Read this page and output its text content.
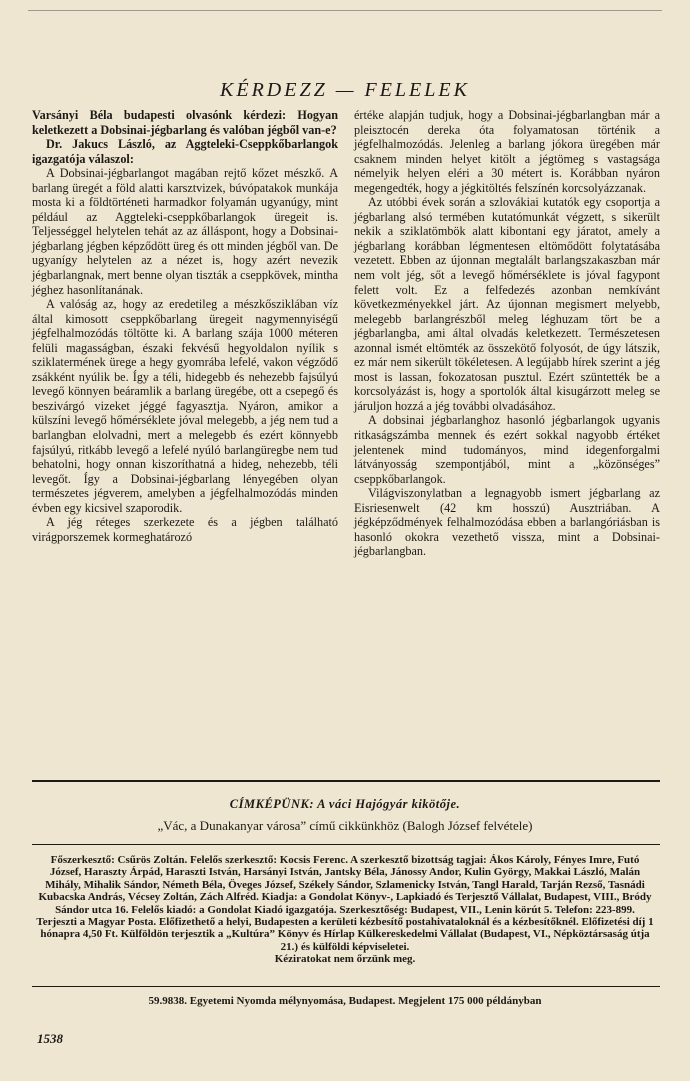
KÉRDEZZ — FELELEK

Varsányi Béla budapesti olvasónk kérdezi: Hogyan keletkezett a Dobsinai-jégbarlang és valóban jégből van-e?

Dr. Jakucs László, az Aggteleki-Cseppkőbarlangok igazgatója válaszol:

A Dobsinai-jégbarlangot magában rejtő kőzet mészkő. A barlang üregét a föld alatti karsztvizek, búvópatakok munkája mosta ki a földtörténeti harmadkor folyamán ugyanúgy, mint például az Aggteleki-cseppkőbarlangok üregeit is. Teljességgel helytelen tehát az az álláspont, hogy a Dobsinai-jégbarlang jégben képződött üreg és ott minden jégből van. De ugyanígy helytelen az a nézet is, hogy azért nevezik jégbarlangnak, mert benne olyan tiszták a cseppkövek, mintha jéghez hasonlítanának.

A valóság az, hogy az eredetileg a mészkősziklában víz által kimosott cseppkőbarlang üregeit nagymennyiségű jégfelhalmozódás töltötte ki. A barlang szája 1000 méteren felüli magasságban, északi fekvésű hegyoldalon nyílik s sziklatermének ürege a hegy gyomrába lefelé, vakon végződő zsákként nyúlik be. Így a téli, hidegebb és nehezebb fajsúlyú levegő könnyen beáramlik a barlang üregébe, ott a csepegő és beszivárgó vizeket jéggé fagyasztja. Nyáron, amikor a külszíni levegő hőmérséklete jóval melegebb, a jég nem tud a barlangban elolvadni, mert a melegebb és ezért könnyebb fajsúlyú, ritkább levegő a lefelé nyúló barlangüregbe nem tud behatolni, hogy onnan kiszoríthatná a hideg, nehezebb, téli levegőt. Így a Dobsinai-jégbarlang lényegében olyan természetes jégverem, amelyben a jégfelhalmozódás minden évben egy kicsivel szaporodik.

A jég réteges szerkezete és a jégben található virágporszemek kormeghatározó

értéke alapján tudjuk, hogy a Dobsinai-jégbarlangban már a pleisztocén dereka óta folyamatosan történik a jégfelhalmozódás. Jelenleg a barlang jókora üregében már csaknem minden helyet kitölt a jégtömeg s vastagsága némelyik helyen eléri a 30 métert is. Korábban nyáron megengedték, hogy a jégkitöltés felszínén korcsolyázzanak.

Az utóbbi évek során a szlovákiai kutatók egy csoportja a jégbarlang alsó termében kutatómunkát végzett, s sikerült nekik a sziklatömbök alatt kibontani egy járatot, amely a jégbarlang korábban légmentesen eltömődött folytatásába vezetett. Ebben az újonnan megtalált barlangszakaszban már nem volt jég, sőt a levegő hőmérséklete is jóval fagypont felett volt. Ez a felfedezés azonban nemkívánt következményekkel járt. Az újonnan megismert melyebb, melegebb barlangrészből meleg léghuzam tört be a jégbarlangba, ami által olvadás keletkezett. Természetesen azonnal ismét eltömték az összekötő folyosót, de úgy látszik, ez már nem sikerült tökéletesen. A legújabb hírek szerint a jég most is lassan, fokozatosan pusztul. Ezért szüntették be a korcsolyázást is, hogy a sportolók által kisugárzott meleg se járuljon hozzá a jég további olvadásához.

A dobsinai jégbarlanghoz hasonló jégbarlangok ugyanis ritkaságszámba mennek és ezért sokkal nagyobb értéket jelentenek mind tudományos, mind idegenforgalmi látványosság szempontjából, mint a „közönséges” cseppkőbarlangok.

Világviszonylatban a legnagyobb ismert jégbarlang az Eisriesenwelt (42 km hosszú) Ausztriában. A jégképződmények felhalmozódása ebben a barlangóriásban is hasonló okokra vezethető vissza, mint a Dobsinai-jégbarlangban.

CÍMKÉPÜNK: A váci Hajógyár kikötője.
„Vác, a Dunakanyar városa” című cikkünkhöz (Balogh József felvétele)
Főszerkesztő: Csűrös Zoltán. Felelős szerkesztő: Kocsis Ferenc. A szerkesztő bizottság tagjai: Ákos Károly, Fényes Imre, Futó József, Haraszty Árpád, Haraszti István, Harsányi István, Jantsky Béla, Jánossy Andor, Kulin György, Makkai László, Malán Mihály, Mihalik Sándor, Németh Béla, Öveges József, Székely Sándor, Szlamenicky István, Tangl Harald, Tarján Rezső, Tasnádi Kubacska András, Vécsey Zoltán, Zách Alfréd. Kiadja: a Gondolat Könyv-, Lapkiadó és Terjesztő Vállalat, Budapest, VIII., Bródy Sándor utca 16. Felelős kiadó: a Gondolat Kiadó igazgatója. Szerkesztőség: Budapest, VII., Lenin körút 5. Telefon: 223-899. Terjeszti a Magyar Posta. Előfizethető a helyi, Budapesten a kerületi kézbesítő postahivataloknál és a kézbesítőknél. Előfizetési díj 1 hónapra 4,50 Ft. Külföldön terjesztik a „Kultúra” Könyv és Hírlap Külkereskedelmi Vállalat (Budapest, VI., Népköztársaság útja 21.) és külföldi képviseletei.
Kéziratokat nem őrzünk meg.
59.9838. Egyetemi Nyomda mélynyomása, Budapest. Megjelent 175 000 példányban
1538
